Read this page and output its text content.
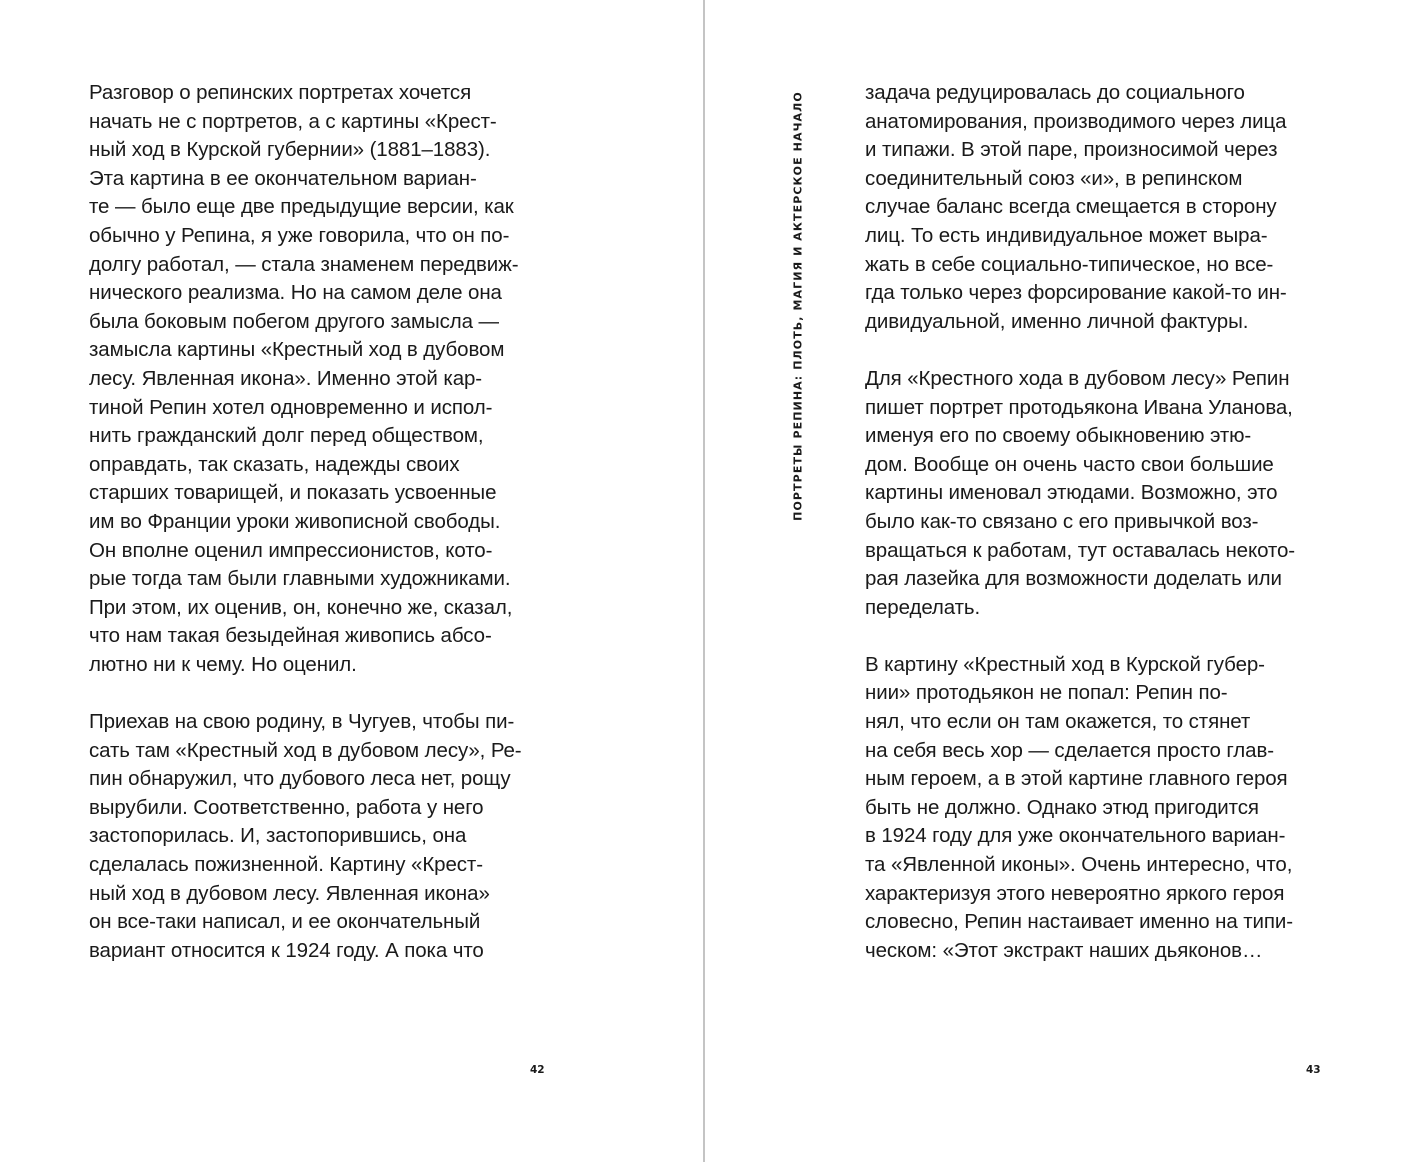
Разговор о репинских портретах хочется
начать не с портретов, а с картины «Крест-
ный ход в Курской губернии» (1881–1883).
Эта картина в ее окончательном вариан-
те — было еще две предыдущие версии, как
обычно у Репина, я уже говорила, что он по-
долгу работал, — стала знаменем передвиж-
нического реализма. Но на самом деле она
была боковым побегом другого замысла —
замысла картины «Крестный ход в дубовом
лесу. Явленная икона». Именно этой кар-
тиной Репин хотел одновременно и испол-
нить гражданский долг перед обществом,
оправдать, так сказать, надежды своих
старших товарищей, и показать усвоенные
им во Франции уроки живописной свободы.
Он вполне оценил импрессионистов, кото-
рые тогда там были главными художниками.
При этом, их оценив, он, конечно же, сказал,
что нам такая безыдейная живопись абсо-
лютно ни к чему. Но оценил.
Приехав на свою родину, в Чугуев, чтобы пи-
сать там «Крестный ход в дубовом лесу», Ре-
пин обнаружил, что дубового леса нет, рощу
вырубили. Соответственно, работа у него
застопорилась. И, застопорившись, она
сделалась пожизненной. Картину «Крест-
ный ход в дубовом лесу. Явленная икона»
он все-таки написал, и ее окончательный
вариант относится к 1924 году. А пока что
42
ПОРТРЕТЫ РЕПИНА: ПЛОТЬ, МАГИЯ И АКТЕРСКОЕ НАЧАЛО	задача редуцировалась до социального
анатомирования, производимого через лица
и типажи. В этой паре, произносимой через
соединительный союз «и», в репинском
случае баланс всегда смещается в сторону
лиц. То есть индивидуальное может выра-
жать в себе социально-типическое, но все-
гда только через форсирование какой-то ин-
дивидуальной, именно личной фактуры.
Для «Крестного хода в дубовом лесу» Репин
пишет портрет протодьякона Ивана Уланова,
именуя его по своему обыкновению этю-
дом. Вообще он очень часто свои большие
картины именовал этюдами. Возможно, это
было как-то связано с его привычкой воз-
вращаться к работам, тут оставалась некото-
рая лазейка для возможности доделать или
переделать.
В картину «Крестный ход в Курской губер-
нии» протодьякон не попал: Репин по-
нял, что если он там окажется, то стянет
на себя весь хор — сделается просто глав-
ным героем, а в этой картине главного героя
быть не должно. Однако этюд пригодится
в 1924 году для уже окончательного вариан-
та «Явленной иконы». Очень интересно, что,
характеризуя этого невероятно яркого героя
словесно, Репин настаивает именно на типи-
ческом: «Этот экстракт наших дьяконов…
43
